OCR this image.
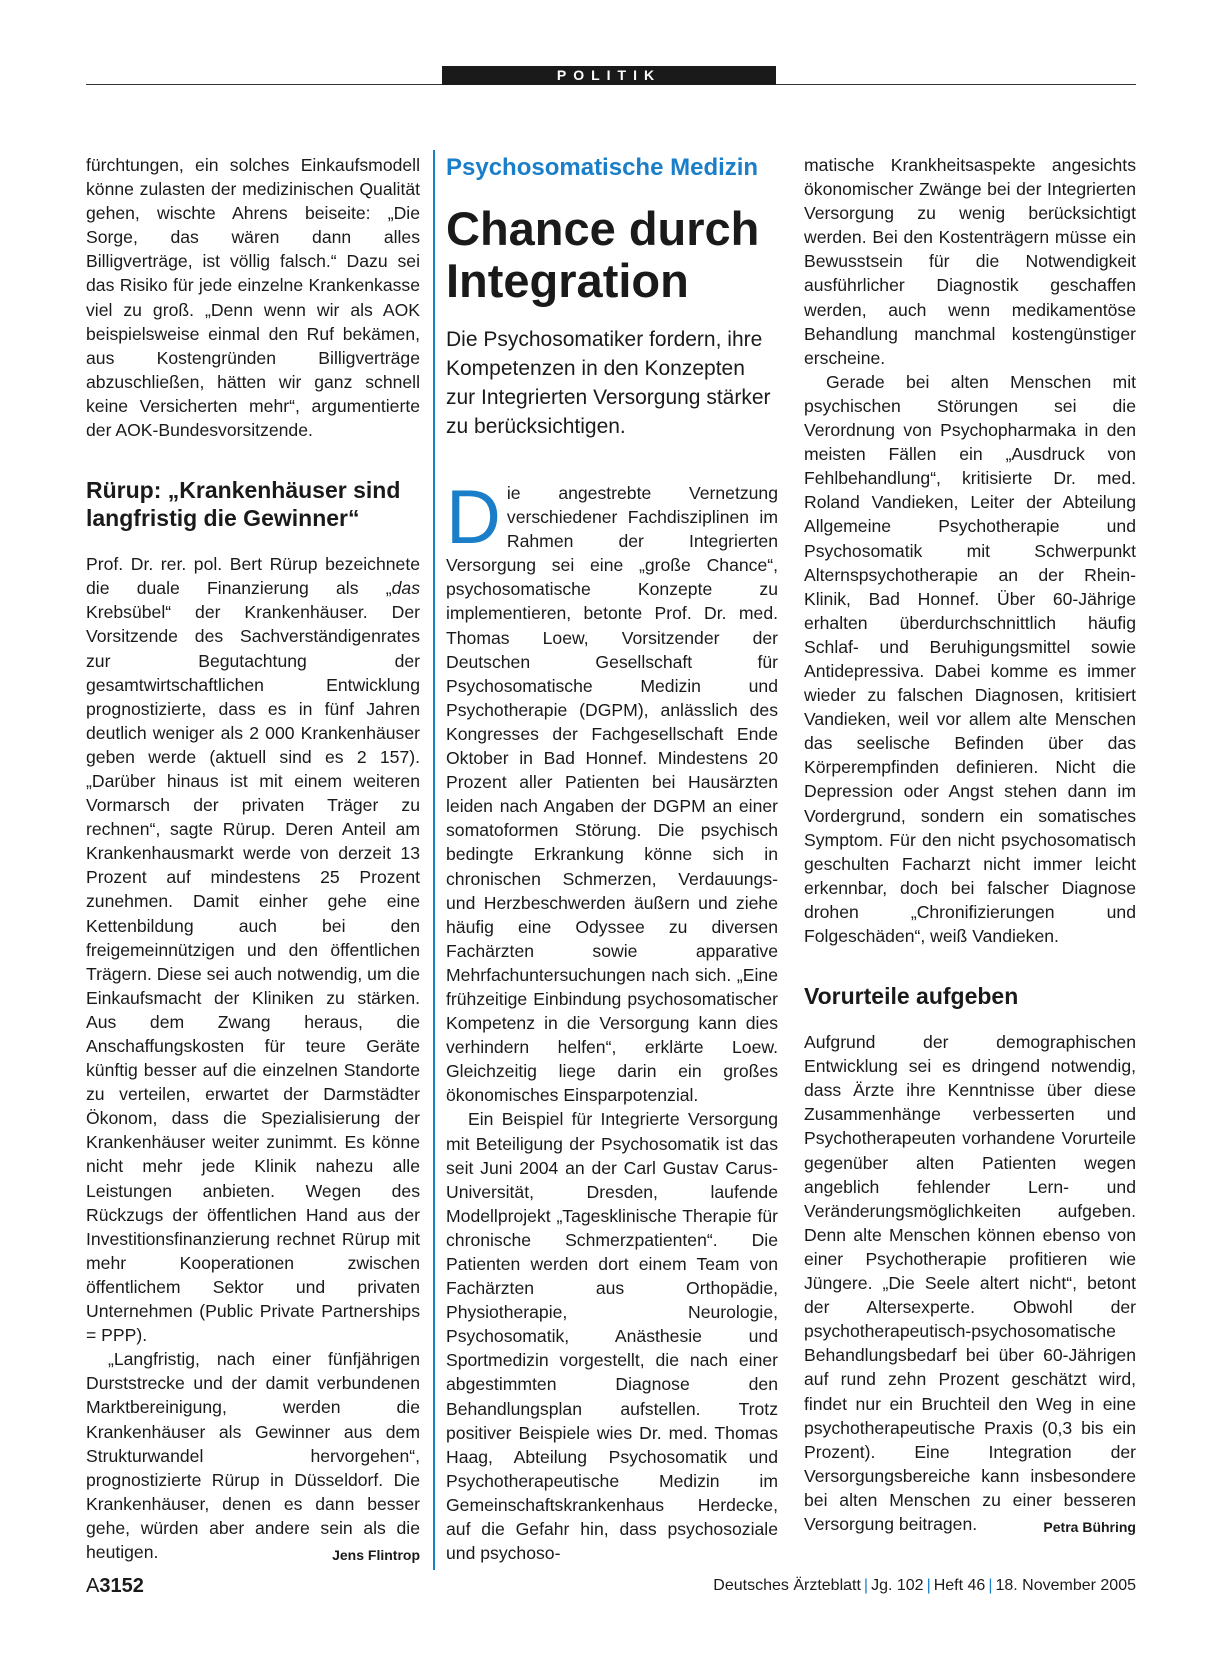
POLITIK

fürchtungen, ein solches Einkaufsmodell könne zulasten der medizinischen Qualität gehen, wischte Ahrens beiseite: „Die Sorge, das wären dann alles Billigverträge, ist völlig falsch.“ Dazu sei das Risiko für jede einzelne Krankenkasse viel zu groß. „Denn wenn wir als AOK beispielsweise einmal den Ruf bekämen, aus Kostengründen Billigverträge abzuschließen, hätten wir ganz schnell keine Versicherten mehr“, argumentierte der AOK-Bundesvorsitzende.

Rürup: „Krankenhäuser sind langfristig die Gewinner“

Prof. Dr. rer. pol. Bert Rürup bezeichnete die duale Finanzierung als „das Krebsübel“ der Krankenhäuser. Der Vorsitzende des Sachverständigenrates zur Begutachtung der gesamtwirtschaftlichen Entwicklung prognostizierte, dass es in fünf Jahren deutlich weniger als 2 000 Krankenhäuser geben werde (aktuell sind es 2 157). „Darüber hinaus ist mit einem weiteren Vormarsch der privaten Träger zu rechnen“, sagte Rürup. Deren Anteil am Krankenhausmarkt werde von derzeit 13 Prozent auf mindestens 25 Prozent zunehmen. Damit einher gehe eine Kettenbildung auch bei den freigemeinnützigen und den öffentlichen Trägern. Diese sei auch notwendig, um die Einkaufsmacht der Kliniken zu stärken. Aus dem Zwang heraus, die Anschaffungskosten für teure Geräte künftig besser auf die einzelnen Standorte zu verteilen, erwartet der Darmstädter Ökonom, dass die Spezialisierung der Krankenhäuser weiter zunimmt. Es könne nicht mehr jede Klinik nahezu alle Leistungen anbieten. Wegen des Rückzugs der öffentlichen Hand aus der Investitionsfinanzierung rechnet Rürup mit mehr Kooperationen zwischen öffentlichem Sektor und privaten Unternehmen (Public Private Partnerships = PPP).

„Langfristig, nach einer fünfjährigen Durststrecke und der damit verbundenen Marktbereinigung, werden die Krankenhäuser als Gewinner aus dem Strukturwandel hervorgehen“, prognostizierte Rürup in Düsseldorf. Die Krankenhäuser, denen es dann besser gehe, würden aber andere sein als die heutigen.	Jens Flintrop

Psychosomatische Medizin
Chance durch
Integration
Die Psychosomatiker fordern, ihre Kompetenzen in den Konzepten zur Integrierten Versorgung stärker zu berücksichtigen.

Die angestrebte Vernetzung verschiedener Fachdisziplinen im Rahmen der Integrierten Versorgung sei eine „große Chance“, psychosomatische Konzepte zu implementieren, betonte Prof. Dr. med. Thomas Loew, Vorsitzender der Deutschen Gesellschaft für Psychosomatische Medizin und Psychotherapie (DGPM), anlässlich des Kongresses der Fachgesellschaft Ende Oktober in Bad Honnef. Mindestens 20 Prozent aller Patienten bei Hausärzten leiden nach Angaben der DGPM an einer somatoformen Störung. Die psychisch bedingte Erkrankung könne sich in chronischen Schmerzen, Verdauungs- und Herzbeschwerden äußern und ziehe häufig eine Odyssee zu diversen Fachärzten sowie apparative Mehrfachuntersuchungen nach sich. „Eine frühzeitige Einbindung psychosomatischer Kompetenz in die Versorgung kann dies verhindern helfen“, erklärte Loew. Gleichzeitig liege darin ein großes ökonomisches Einsparpotenzial.

Ein Beispiel für Integrierte Versorgung mit Beteiligung der Psychosomatik ist das seit Juni 2004 an der Carl Gustav Carus-Universität, Dresden, laufende Modellprojekt „Tagesklinische Therapie für chronische Schmerzpatienten“. Die Patienten werden dort einem Team von Fachärzten aus Orthopädie, Physiotherapie, Neurologie, Psychosomatik, Anästhesie und Sportmedizin vorgestellt, die nach einer abgestimmten Diagnose den Behandlungsplan aufstellen. Trotz positiver Beispiele wies Dr. med. Thomas Haag, Abteilung Psychosomatik und Psychotherapeutische Medizin im Gemeinschaftskrankenhaus Herdecke, auf die Gefahr hin, dass psychosoziale und psychoso-

matische Krankheitsaspekte angesichts ökonomischer Zwänge bei der Integrierten Versorgung zu wenig berücksichtigt werden. Bei den Kostenträgern müsse ein Bewusstsein für die Notwendigkeit ausführlicher Diagnostik geschaffen werden, auch wenn medikamentöse Behandlung manchmal kostengünstiger erscheine.

Gerade bei alten Menschen mit psychischen Störungen sei die Verordnung von Psychopharmaka in den meisten Fällen ein „Ausdruck von Fehlbehandlung“, kritisierte Dr. med. Roland Vandieken, Leiter der Abteilung Allgemeine Psychotherapie und Psychosomatik mit Schwerpunkt Alternspsychotherapie an der Rhein-Klinik, Bad Honnef. Über 60-Jährige erhalten überdurchschnittlich häufig Schlaf- und Beruhigungsmittel sowie Antidepressiva. Dabei komme es immer wieder zu falschen Diagnosen, kritisiert Vandieken, weil vor allem alte Menschen das seelische Befinden über das Körperempfinden definieren. Nicht die Depression oder Angst stehen dann im Vordergrund, sondern ein somatisches Symptom. Für den nicht psychosomatisch geschulten Facharzt nicht immer leicht erkennbar, doch bei falscher Diagnose drohen „Chronifizierungen und Folgeschäden“, weiß Vandieken.

Vorurteile aufgeben

Aufgrund der demographischen Entwicklung sei es dringend notwendig, dass Ärzte ihre Kenntnisse über diese Zusammenhänge verbesserten und Psychotherapeuten vorhandene Vorurteile gegenüber alten Patienten wegen angeblich fehlender Lern- und Veränderungsmöglichkeiten aufgeben. Denn alte Menschen können ebenso von einer Psychotherapie profitieren wie Jüngere. „Die Seele altert nicht“, betont der Altersexperte. Obwohl der psychotherapeutisch-psychosomatische Behandlungsbedarf bei über 60-Jährigen auf rund zehn Prozent geschätzt wird, findet nur ein Bruchteil den Weg in eine psychotherapeutische Praxis (0,3 bis ein Prozent). Eine Integration der Versorgungsbereiche kann insbesondere bei alten Menschen zu einer besseren Versorgung beitragen.	Petra Bühring

A3152	Deutsches Ärzteblatt | Jg. 102 | Heft 46 | 18. November 2005
